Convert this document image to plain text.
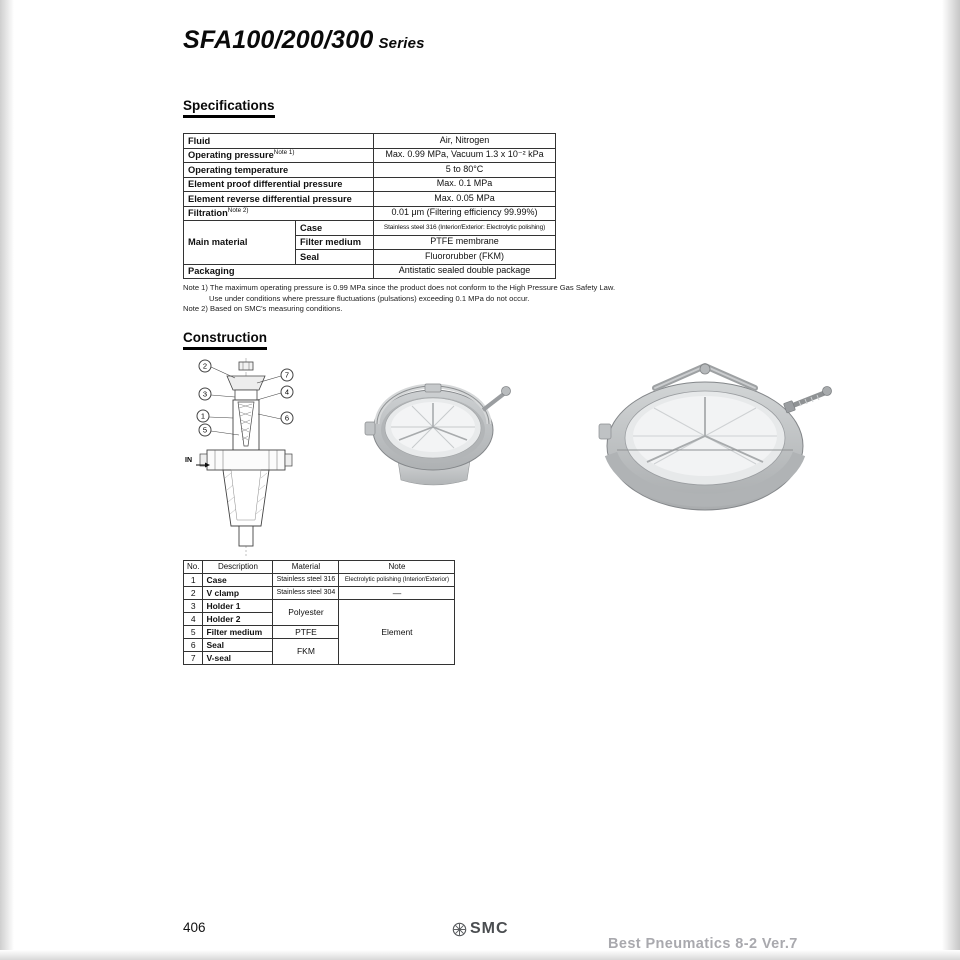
SFA100/200/300 Series
Specifications
Fluid		Air, Nitrogen
Operating pressure$^{Note 1)}$		Max. 0.99 MPa, Vacuum 1.3 x 10⁻² kPa
Operating temperature		5 to 80°C
Element proof differential pressure		Max. 0.1 MPa
Element reverse differential pressure		Max. 0.05 MPa
Filtration$^{Note 2)}$		0.01 μm (Filtering efficiency 99.99%)
Main material	Case	Stainless steel 316 (Interior/Exterior: Electrolytic polishing)
	Filter medium	PTFE membrane
	Seal	Fluororubber (FKM)
Packaging		Antistatic sealed double package
Note 1) The maximum operating pressure is 0.99 MPa since the product does not conform to the High Pressure Gas Safety Law.
Use under conditions where pressure fluctuations (pulsations) exceeding 0.1 MPa do not occur.
Note 2) Based on SMC's measuring conditions.
Construction
IN
2
7
3	4
1	6
5
No.	Description	Material	Note
1	Case	Stainless steel 316	Electrolytic polishing (Interior/Exterior)
2	V clamp	Stainless steel 304	—
3	Holder 1	Polyester	Element
4	Holder 2		
5	Filter medium	PTFE	
6	Seal	FKM	
7	V-seal		
406	SMC
Best Pneumatics 8-2 Ver.7
